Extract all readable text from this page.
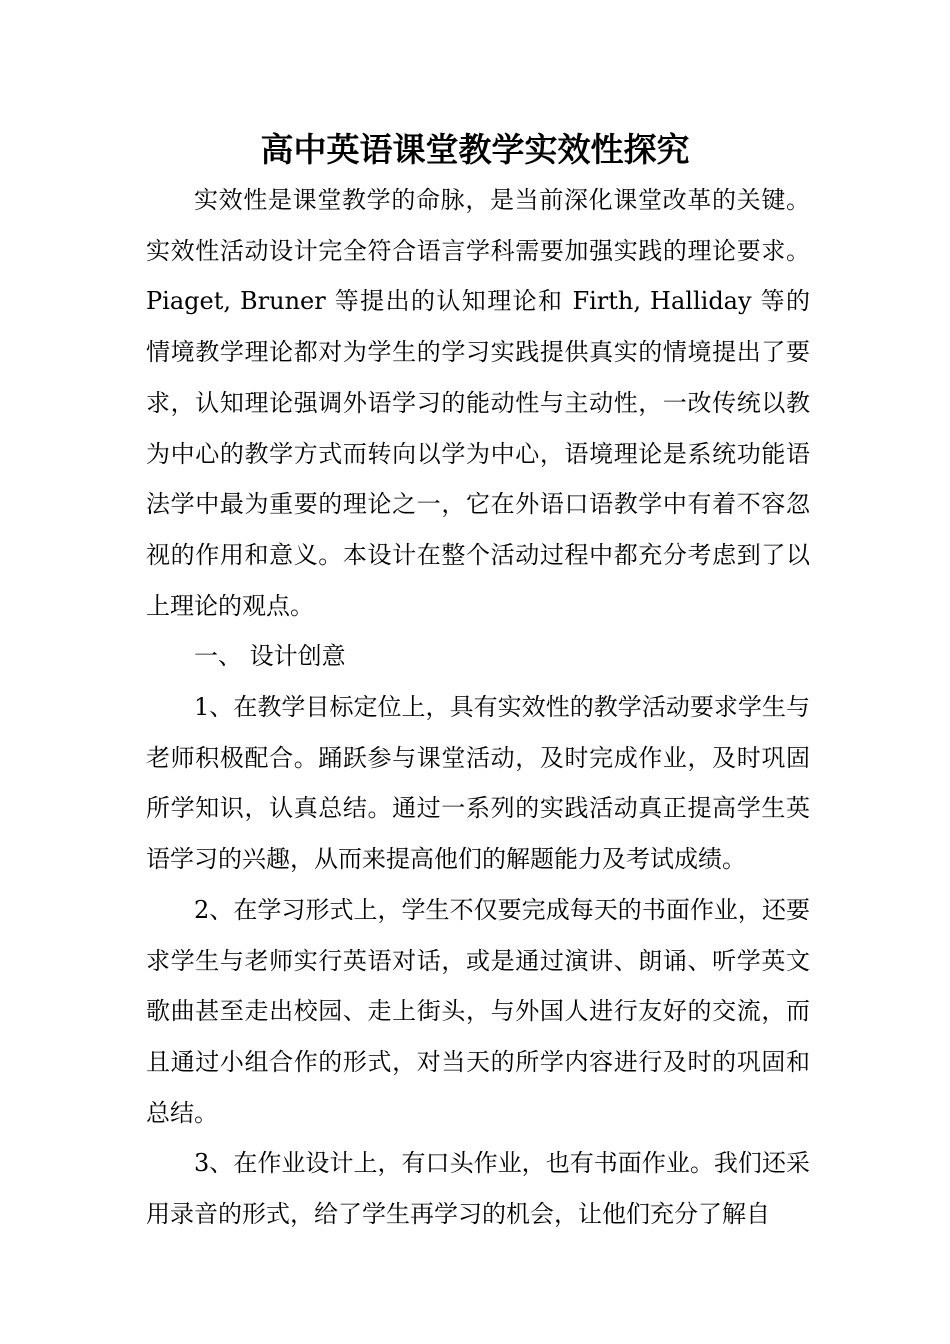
高中英语课堂教学实效性探究

实效性是课堂教学的命脉，是当前深化课堂改革的关键。实效性活动设计完全符合语言学科需要加强实践的理论要求。Piaget, Bruner 等提出的认知理论和 Firth, Halliday 等的情境教学理论都对为学生的学习实践提供真实的情境提出了要求，认知理论强调外语学习的能动性与主动性，一改传统以教为中心的教学方式而转向以学为中心，语境理论是系统功能语法学中最为重要的理论之一，它在外语口语教学中有着不容忽视的作用和意义。本设计在整个活动过程中都充分考虑到了以上理论的观点。

一、 设计创意

1、在教学目标定位上，具有实效性的教学活动要求学生与老师积极配合。踊跃参与课堂活动，及时完成作业，及时巩固所学知识，认真总结。通过一系列的实践活动真正提高学生英语学习的兴趣，从而来提高他们的解题能力及考试成绩。

2、在学习形式上，学生不仅要完成每天的书面作业，还要求学生与老师实行英语对话，或是通过演讲、朗诵、听学英文歌曲甚至走出校园、走上街头，与外国人进行友好的交流，而且通过小组合作的形式，对当天的所学内容进行及时的巩固和总结。

3、在作业设计上，有口头作业，也有书面作业。我们还采用录音的形式，给了学生再学习的机会，让他们充分了解自
